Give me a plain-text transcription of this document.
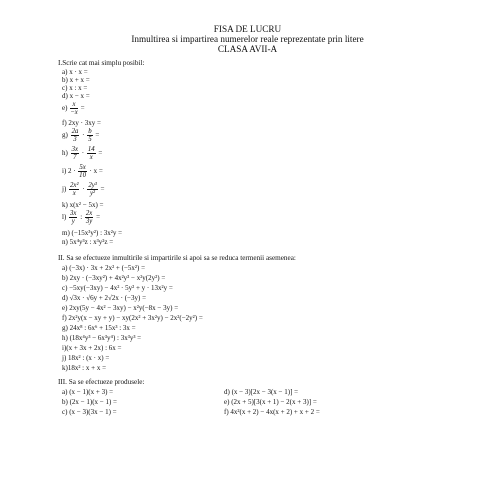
FISA DE LUCRU
Inmultirea si impartirea numerelor reale reprezentate prin litere
CLASA AVII-A
I.Scrie cat mai simplu posibil:
a) x · x =
b) x + x =
c) x : x =
d) x − x =
$e) \frac{x}{-x}$ =
f) 2xy · 3xy =
$g) \frac{2a}{3} \cdot \frac{b}{5}$ =
$h) \frac{3x}{7} \cdot \frac{14}{x}$ =
i) $2 \cdot \frac{5x}{10} \cdot x$ =
$j) \frac{\text{2x²}}{x} \cdot \frac{\text{2y³}}{\text{y²}}$ =
k) x(x² − 5x) =
$l) \frac{3x}{y}$ : $\frac{2x}{3y}$ =
m) (−15x³y²) : 3x²y =
n) 5x⁴y³z : x³y²z =
II. Sa se efectueze inmultirile si impartirile si apoi sa se reduca termenii asemenea:
a) (−3x) · 3x + 2x² + (−5x²) =
b) 2xy · (−3xy²) + 4x²y³ − x²y(2y²) =
c) −5xy(−3xy) − 4x² · 5y² + y · 13x²y =
d) √3x · √6y + 2√2x · (−3y) =
e) 2xy(5y − 4x² − 3xy) − x²y(−8x − 3y) =
f) 2x²y(x − xy + y) − xy(2x² + 3x²y) − 2x²(−2y²) =
g) 24x⁸ : 6x⁶ + 15x³ : 3x =
h) (18x⁴y³ − 6x³y⁴) : 3x³y³ =
i)(x + 3x + 2x) : 6x =
j) 18x² : (x · x) =
k)18x² : x + x =
III. Sa se efectueze produsele:
a) (x − 1)(x + 3) =
b) (2x − 1)(x − 1) =
c) (x − 3)(3x − 1) =
d) (x − 3)[2x − 3(x − 1)] =
e) (2x + 5)[3(x + 1) − 2(x + 3)] =
f) 4x²(x + 2) − 4x(x + 2) + x + 2 =
